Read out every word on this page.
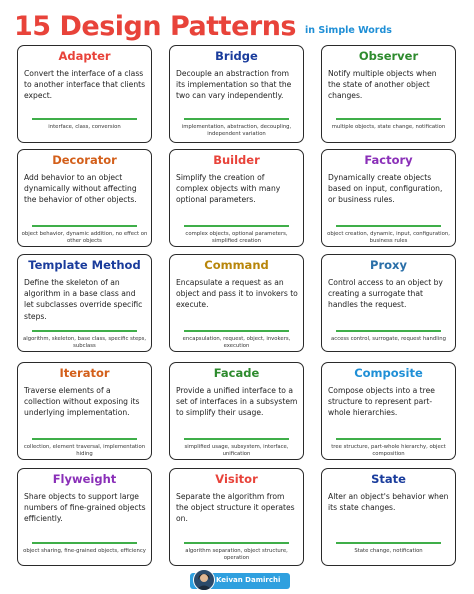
15 Design Patterns in Simple Words
Adapter
Convert the interface of a class to another interface that clients expect.
interface, class, conversion
Bridge
Decouple an abstraction from its implementation so that the two can vary independently.
implementation, abstraction, decoupling, independent variation
Observer
Notify multiple objects when the state of another object changes.
multiple objects, state change, notification
Decorator
Add behavior to an object dynamically without affecting the behavior of other objects.
object behavior, dynamic addition, no effect on other objects
Builder
Simplify the creation of complex objects with many optional parameters.
complex objects, optional parameters, simplified creation
Factory
Dynamically create objects based on input, configuration, or business rules.
object creation, dynamic, input, configuration, business rules
Template Method
Define the skeleton of an algorithm in a base class and let subclasses override specific steps.
algorithm, skeleton, base class, specific steps, subclass
Command
Encapsulate a request as an object and pass it to invokers to execute.
encapsulation, request, object, invokers, execution
Proxy
Control access to an object by creating a surrogate that handles the request.
access control, surrogate, request handling
Iterator
Traverse elements of a collection without exposing its underlying implementation.
collection, element traversal, implementation hiding
Facade
Provide a unified interface to a set of interfaces in a subsystem to simplify their usage.
simplified usage, subsystem, interface, unification
Composite
Compose objects into a tree structure to represent part-whole hierarchies.
tree structure, part-whole hierarchy, object composition
Flyweight
Share objects to support large numbers of fine-grained objects efficiently.
object sharing, fine-grained objects, efficiency
Visitor
Separate the algorithm from the object structure it operates on.
algorithm separation, object structure, operation
State
Alter an object's behavior when its state changes.
State change, notification
Keivan Damirchi
